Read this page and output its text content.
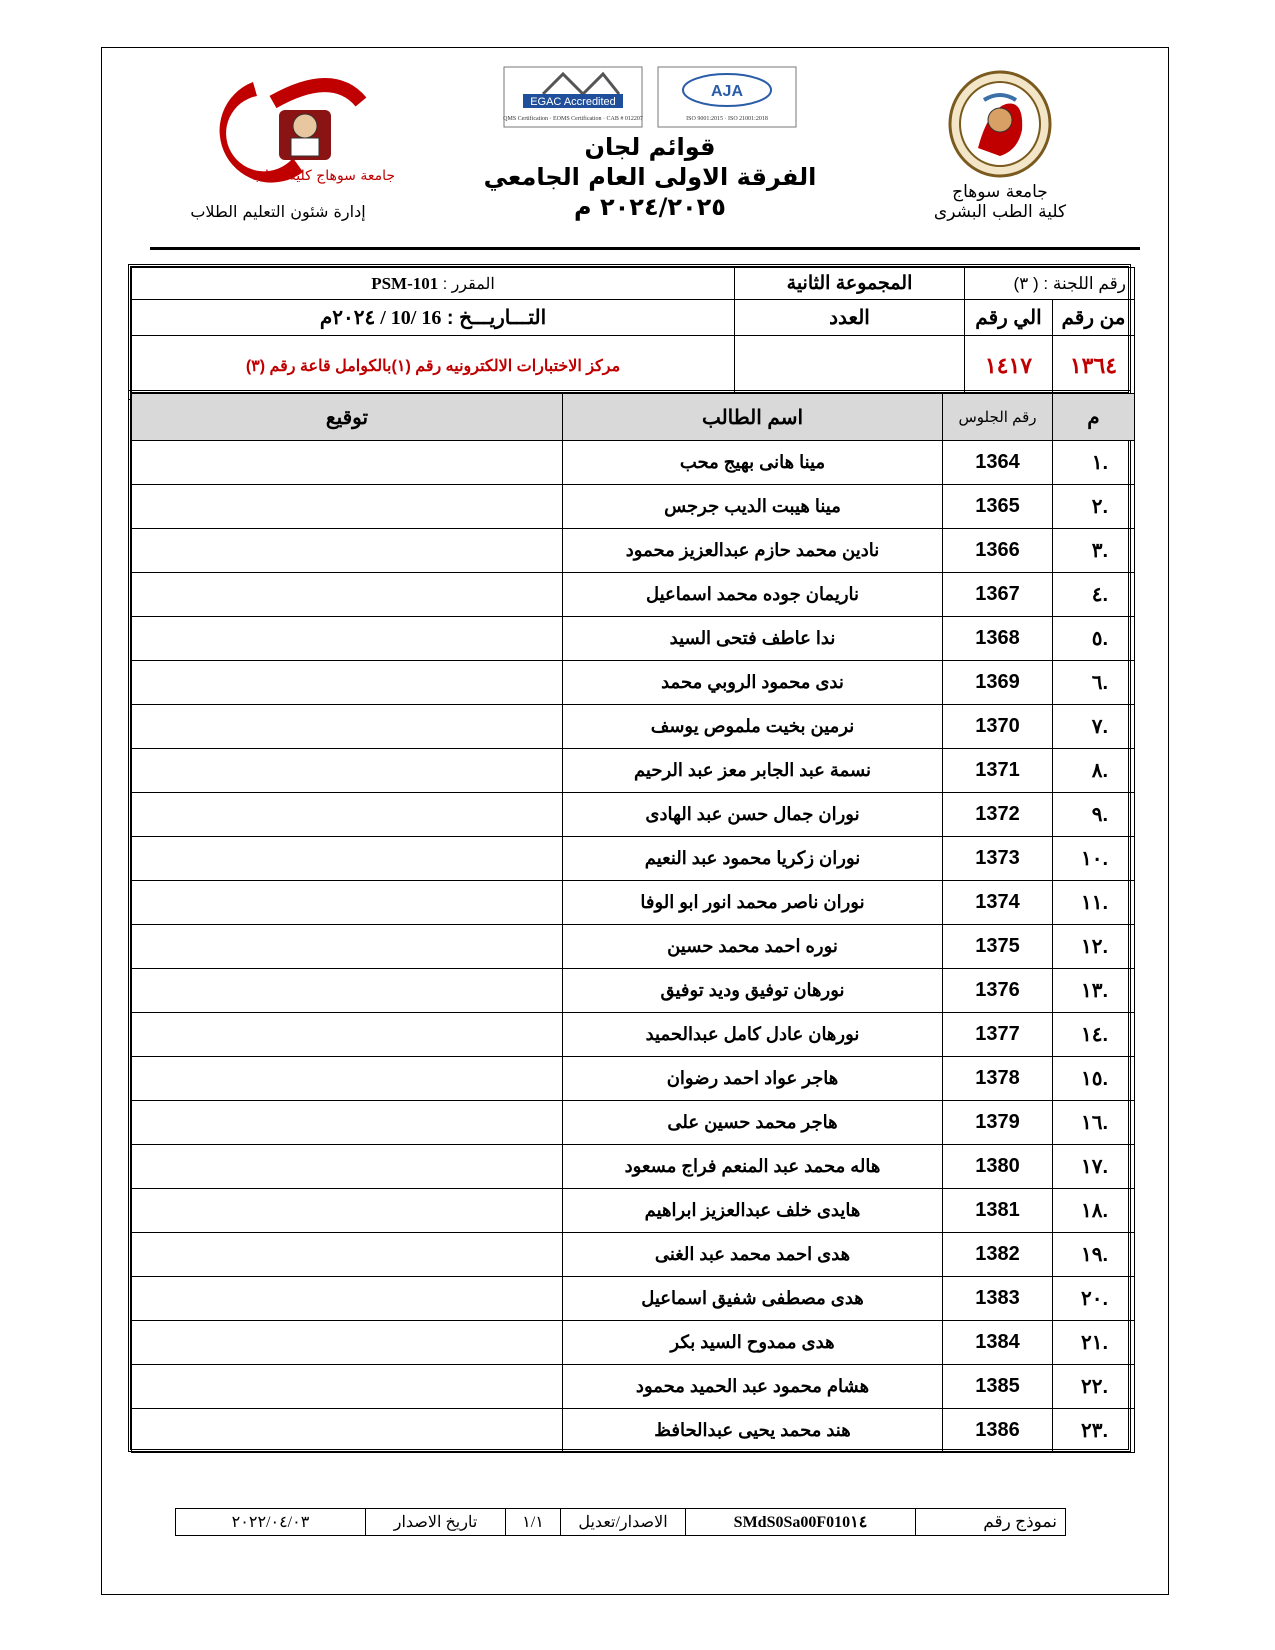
جامعة سوهاج
كلية الطب البشرى
EGAC Accredited
QMS Certification · EOMS Certification · CAB # 012207
AJA
ISO 9001:2015 · ISO 21001:2018
قوائم لجان
الفرقة الاولى العام الجامعي ٢٠٢٤/٢٠٢٥ م
جامعة سوهاج كلية الطب
إدارة شئون التعليم الطلاب
رقم اللجنة : ( ٣)		المجموعة الثانية	المقرر : PSM-101
من رقم	الي رقم	العدد	التـــاريـــخ : 16 /10 / ٢٠٢٤م
١٣٦٤	١٤١٧		مركز الاختبارات الالكترونيه رقم (١)بالكوامل قاعة رقم (٣)
م	رقم الجلوس	اسم الطالب	توقيع
.١	1364	مينا هانى بهيج محب	
.٢	1365	مينا هيبت الديب جرجس	
.٣	1366	نادين محمد حازم عبدالعزيز محمود	
.٤	1367	ناريمان جوده محمد اسماعيل	
.٥	1368	ندا عاطف فتحى السيد	
.٦	1369	ندى محمود الروبي محمد	
.٧	1370	نرمين بخيت ملموص يوسف	
.٨	1371	نسمة عبد الجابر معز عبد الرحيم	
.٩	1372	نوران جمال حسن عبد الهادى	
.١٠	1373	نوران زكريا محمود عبد النعيم	
.١١	1374	نوران ناصر محمد انور ابو الوفا	
.١٢	1375	نوره احمد محمد حسين	
.١٣	1376	نورهان توفيق وديد توفيق	
.١٤	1377	نورهان عادل كامل عبدالحميد	
.١٥	1378	هاجر عواد احمد رضوان	
.١٦	1379	هاجر محمد حسين على	
.١٧	1380	هاله محمد عبد المنعم فراج مسعود	
.١٨	1381	هايدى خلف عبدالعزيز ابراهيم	
.١٩	1382	هدى احمد محمد عبد الغنى	
.٢٠	1383	هدى مصطفى شفيق اسماعيل	
.٢١	1384	هدى ممدوح السيد بكر	
.٢٢	1385	هشام محمود عبد الحميد محمود	
.٢٣	1386	هند محمد يحيى عبدالحافظ	
نموذج رقم	SMdS0Sa00F010١٤	الاصدار/تعديل	١/١	تاريخ الاصدار	٢٠٢٢/٠٤/٠٣
